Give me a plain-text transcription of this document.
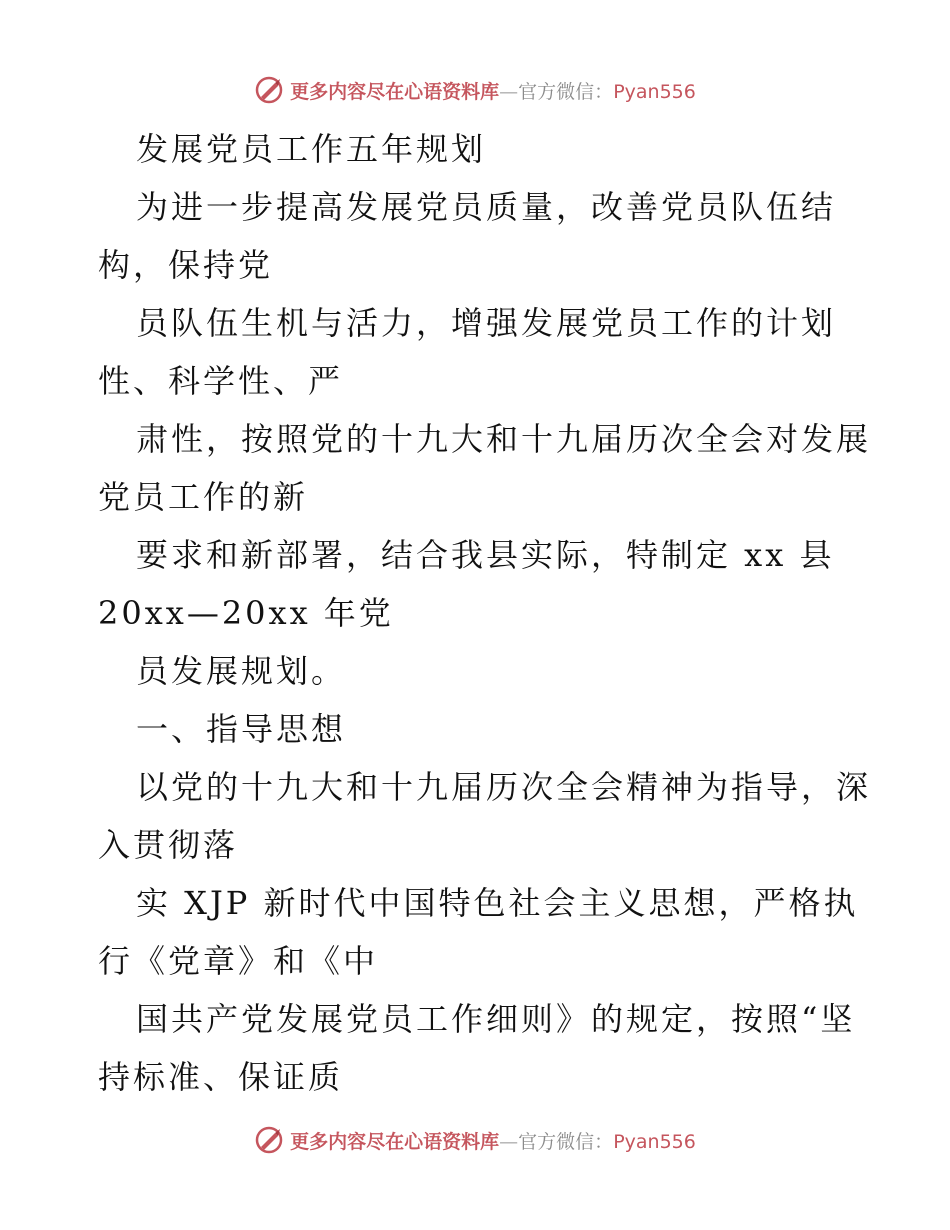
更多内容尽在心语资料库—官方微信：Pyan556
发展党员工作五年规划
为进一步提高发展党员质量，改善党员队伍结
构，保持党
员队伍生机与活力，增强发展党员工作的计划
性、科学性、严
肃性，按照党的十九大和十九届历次全会对发展
党员工作的新
要求和新部署，结合我县实际，特制定 xx 县
20xx—20xx 年党
员发展规划。
一、指导思想
以党的十九大和十九届历次全会精神为指导，深
入贯彻落
实 XJP 新时代中国特色社会主义思想，严格执
行《党章》和《中
国共产党发展党员工作细则》的规定，按照“坚
持标准、保证质
更多内容尽在心语资料库—官方微信：Pyan556
